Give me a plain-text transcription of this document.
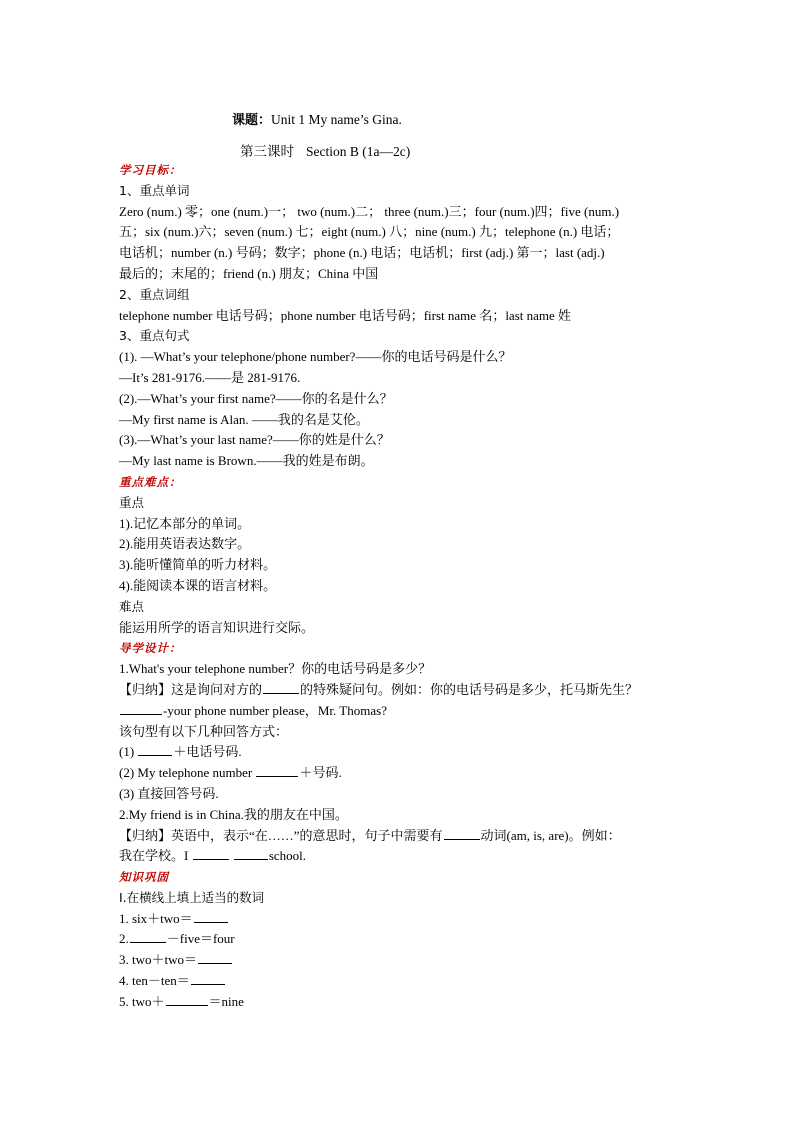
课题：Unit 1 My name’s Gina.
第三课时 Section B (1a—2c)
学习目标：
1、重点单词
Zero (num.) 零；one (num.)一； two (num.)二； three (num.)三；four (num.)四；five (num.)
五；six (num.)六；seven (num.) 七；eight (num.) 八；nine (num.) 九；telephone (n.) 电话；
电话机；number (n.) 号码；数字；phone (n.) 电话；电话机；first (adj.) 第一；last (adj.)
最后的；末尾的；friend (n.) 朋友；China 中国
2、重点词组
telephone number 电话号码；phone number 电话号码；first name 名；last name 姓
3、重点句式
(1). —What’s your telephone/phone number?——你的电话号码是什么？
—It’s 281-9176.——是 281-9176.
(2).—What’s your first name?——你的名是什么？
—My first name is Alan. ——我的名是艾伦。
(3).—What’s your last name?——你的姓是什么？
—My last name is Brown.——我的姓是布朗。
重点难点：
重点
1).记忆本部分的单词。
2).能用英语表达数字。
3).能听懂简单的听力材料。
4).能阅读本课的语言材料。
难点
能运用所学的语言知识进行交际。
导学设计：
1.What's your telephone number？你的电话号码是多少？
【归纳】这是询问对方的	的特殊疑问句。例如：你的电话号码是多少，托马斯先生？
-your phone number please，Mr. Thomas?
该句型有以下几种回答方式：
(1)	＋电话号码.
(2) My telephone number	＋号码.
(3) 直接回答号码.
2.My friend is in China.我的朋友在中国。
【归纳】英语中，表示“在……”的意思时，句子中需要有	动词(am, is, are)。例如：
我在学校。I	school.
知识巩固
Ⅰ.在横线上填上适当的数词
1. six＋two＝
2.	－five＝four
3. two＋two＝
4. ten－ten＝
5. two＋	＝nine
